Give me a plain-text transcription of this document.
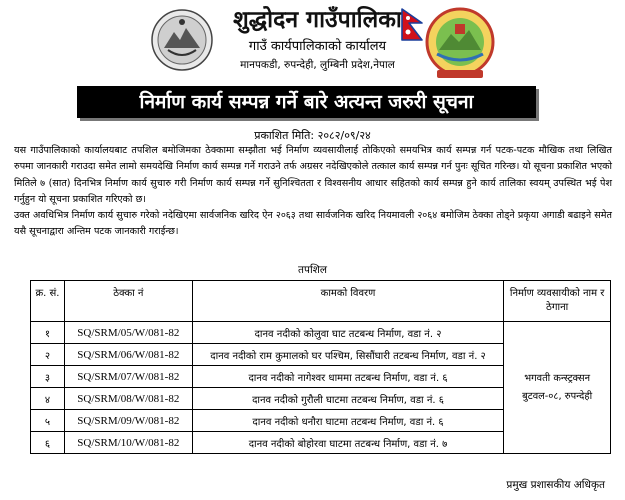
शुद्धोदन गाउँपालिका
गाउँ कार्यपालिकाको कार्यालय
मानपकडी, रुपन्देही, लुम्बिनी प्रदेश,नेपाल
निर्माण कार्य सम्पन्न गर्ने बारे अत्यन्त जरुरी सूचना
प्रकाशित मिति: २०८२/०९/२४

यस गाउँपालिकाको कार्यालयबाट तपशिल बमोजिमका ठेक्कामा सम्झौता भई निर्माण व्यवसायीलाई तोकिएको समयभित्र कार्य सम्पन्न गर्न पटक-पटक मौखिक तथा लिखित रुपमा जानकारी गराउदा समेत लामो समयदेखि निर्माण कार्य सम्पन्न गर्ने गराउने तर्फ अग्रसर नदेखिएकोले तत्काल कार्य सम्पन्न गर्न पुनः सूचित गरिन्छ। यो सूचना प्रकाशित भएको मितिले ७ (सात) दिनभित्र निर्माण कार्य सुचारु गरी निर्माण कार्य सम्पन्न गर्ने सुनिश्चितता र विश्वसनीय आधार सहितको कार्य सम्पन्न हुने कार्य तालिका स्वयम् उपस्थित भई पेश गर्नुहुन यो सूचना प्रकाशित गरिएको छ।

उक्त अवधिभित्र निर्माण कार्य सुचारु गरेको नदेखिएमा सार्वजनिक खरिद ऐन २०६३ तथा सार्वजनिक खरिद नियमावली २०६४ बमोजिम ठेक्का तोड्ने प्रकृया अगाडी बढाइने समेत यसै सूचनाद्वारा अन्तिम पटक जानकारी गराईन्छ।

तपशिल
क्र. सं.	ठेक्का नं	कामको विवरण	निर्माण व्यवसायीको नाम र ठेगाना
१	SQ/SRM/05/W/081-82	दानव नदीको कोलुवा घाट तटबन्ध निर्माण, वडा नं. २	भगवती कन्स्ट्रक्सन
बुटवल-०८, रुपन्देही

२	SQ/SRM/06/W/081-82	दानव नदीको राम कुमालको घर पश्चिम, सिसौंघारी तटबन्ध निर्माण, वडा नं. २	
३	SQ/SRM/07/W/081-82	दानव नदीको नागेश्वर धाममा तटबन्ध निर्माण, वडा नं. ६	
४	SQ/SRM/08/W/081-82	दानव नदीको गुरौली घाटमा तटबन्ध निर्माण, वडा नं. ६	
५	SQ/SRM/09/W/081-82	दानव नदीको धनौरा घाटमा तटबन्ध निर्माण, वडा नं. ६	
६	SQ/SRM/10/W/081-82	दानव नदीको बोहोरवा घाटमा तटबन्ध निर्माण, वडा नं. ७	
प्रमुख प्रशासकीय अधिकृत
